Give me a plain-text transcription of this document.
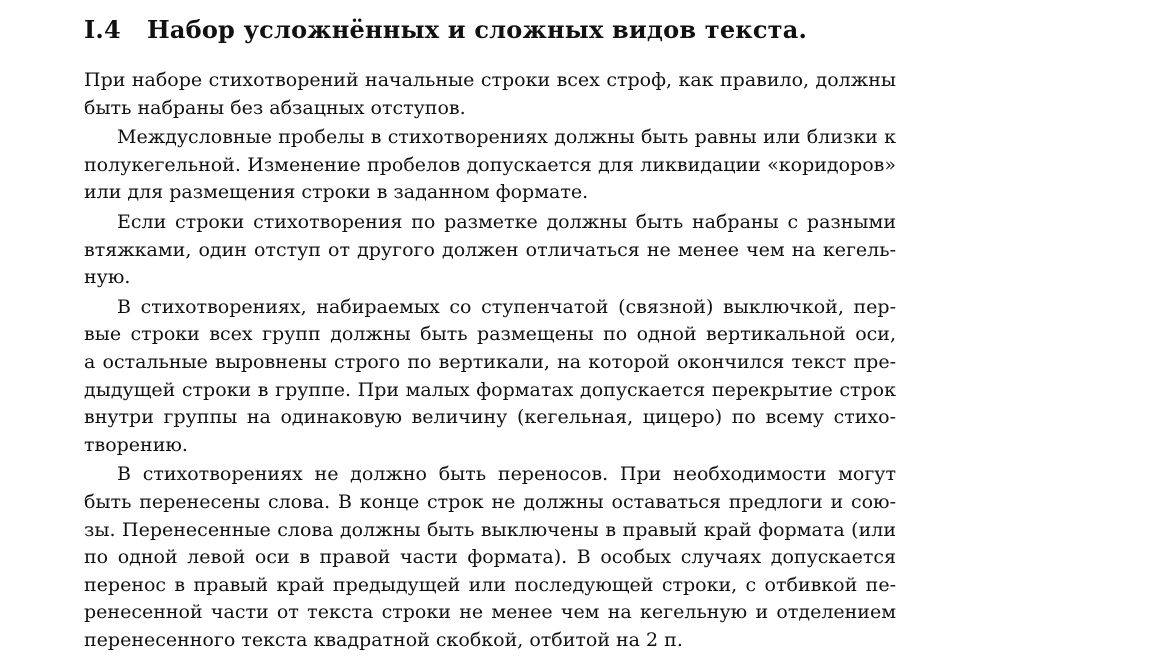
I.4 Набор усложнённых и сложных видов текста.
При наборе стихотворений начальные строки всех строф, как правило, должны
быть набраны без абзацных отступов.
Междусловные пробелы в стихотворениях должны быть равны или близки к
полукегельной. Изменение пробелов допускается для ликвидации «коридоров»
или для размещения строки в заданном формате.
Если строки стихотворения по разметке должны быть набраны с разными
втяжками, один отступ от другого должен отличаться не менее чем на кегель-
ную.
В стихотворениях, набираемых со ступенчатой (связной) выключкой, пер-
вые строки всех групп должны быть размещены по одной вертикальной оси,
а остальные выровнены строго по вертикали, на которой окончился текст пре-
дыдущей строки в группе. При малых форматах допускается перекрытие строк
внутри группы на одинаковую величину (кегельная, цицеро) по всему стихо-
творению.
В стихотворениях не должно быть переносов. При необходимости могут
быть перенесены слова. В конце строк не должны оставаться предлоги и сою-
зы. Перенесенные слова должны быть выключены в правый край формата (или
по одной левой оси в правой части формата). В особых случаях допускается
перенос в правый край предыдущей или последующей строки, с отбивкой пе-
ренесенной части от текста строки не менее чем на кегельную и отделением
перенесенного текста квадратной скобкой, отбитой на 2 п.
